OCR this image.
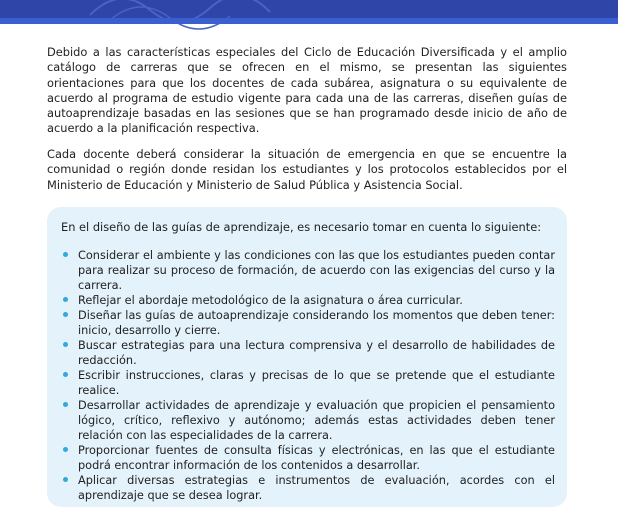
Debido a las características especiales del Ciclo de Educación Diversificada y el amplio catálogo de carreras que se ofrecen en el mismo, se presentan las siguientes orientaciones para que los docentes de cada subárea, asignatura o su equivalente de acuerdo al programa de estudio vigente para cada una de las carreras, diseñen guías de autoaprendizaje basadas en las sesiones que se han programado desde inicio de año de acuerdo a la planificación respectiva.

Cada docente deberá considerar la situación de emergencia en que se encuentre la comunidad o región donde residan los estudiantes y los protocolos establecidos por el Ministerio de Educación y Ministerio de Salud Pública y Asistencia Social.

En el diseño de las guías de aprendizaje, es necesario tomar en cuenta lo siguiente:

Considerar el ambiente y las condiciones con las que los estudiantes pueden contar para realizar su proceso de formación, de acuerdo con las exigencias del curso y la carrera.
Reflejar el abordaje metodológico de la asignatura o área curricular.
Diseñar las guías de autoaprendizaje considerando los momentos que deben tener: inicio, desarrollo y cierre.
Buscar estrategias para una lectura comprensiva y el desarrollo de habilidades de redacción.
Escribir instrucciones, claras y precisas de lo que se pretende que el estudiante realice.
Desarrollar actividades de aprendizaje y evaluación que propicien el pensamiento lógico, crítico, reflexivo y autónomo; además estas actividades deben tener relación con las especialidades de la carrera.
Proporcionar fuentes de consulta físicas y electrónicas, en las que el estudiante podrá encontrar información de los contenidos a desarrollar.
Aplicar diversas estrategias e instrumentos de evaluación, acordes con el aprendizaje que se desea lograr.
